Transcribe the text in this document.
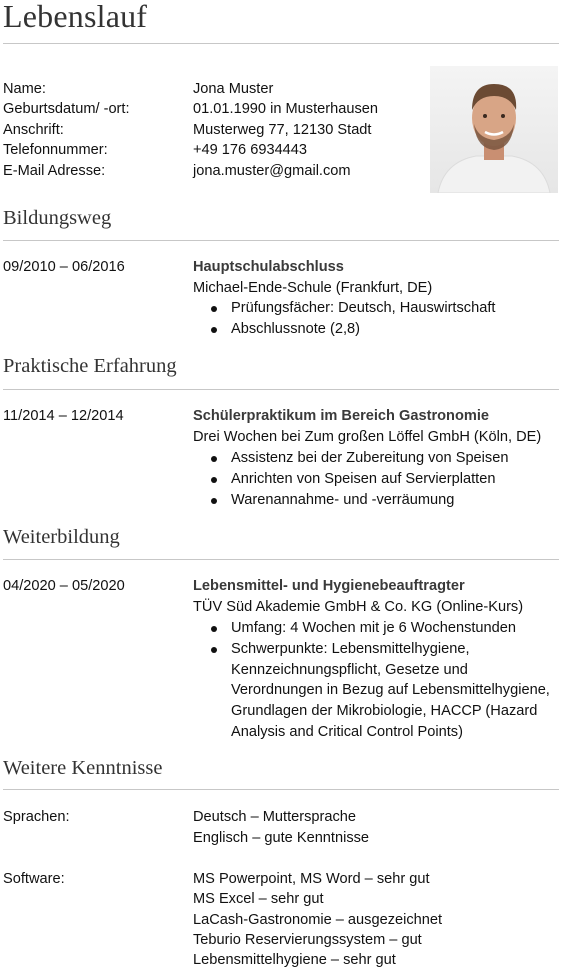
Lebenslauf
Name:	Jona Muster
Geburtsdatum/ -ort:	01.01.1990 in Musterhausen
Anschrift:	Musterweg 77, 12130 Stadt
Telefonnummer:	+49 176 6934443
E-Mail Adresse:	jona.muster@gmail.com
Bildungsweg
09/2010 – 06/2016	Hauptschulabschluss
Michael-Ende-Schule (Frankfurt, DE)
Prüfungsfächer: Deutsch, Hauswirtschaft
Abschlussnote (2,8)
Praktische Erfahrung
11/2014 – 12/2014	Schülerpraktikum im Bereich Gastronomie
Drei Wochen bei Zum großen Löffel GmbH (Köln, DE)
Assistenz bei der Zubereitung von Speisen
Anrichten von Speisen auf Servierplatten
Warenannahme- und -verräumung
Weiterbildung
04/2020 – 05/2020	Lebensmittel- und Hygienebeauftragter
TÜV Süd Akademie GmbH & Co. KG (Online-Kurs)
Umfang: 4 Wochen mit je 6 Wochenstunden
Schwerpunkte: Lebensmittelhygiene, Kennzeichnungspflicht, Gesetze und Verordnungen in Bezug auf Lebensmittelhygiene, Grundlagen der Mikrobiologie, HACCP (Hazard Analysis and Critical Control Points)
Weitere Kenntnisse
Sprachen:	Deutsch – Muttersprache
Englisch – gute Kenntnisse
Software:	MS Powerpoint, MS Word – sehr gut
MS Excel – sehr gut
LaCash-Gastronomie – ausgezeichnet
Teburio Reservierungssystem – gut
Lebensmittelhygiene – sehr gut
